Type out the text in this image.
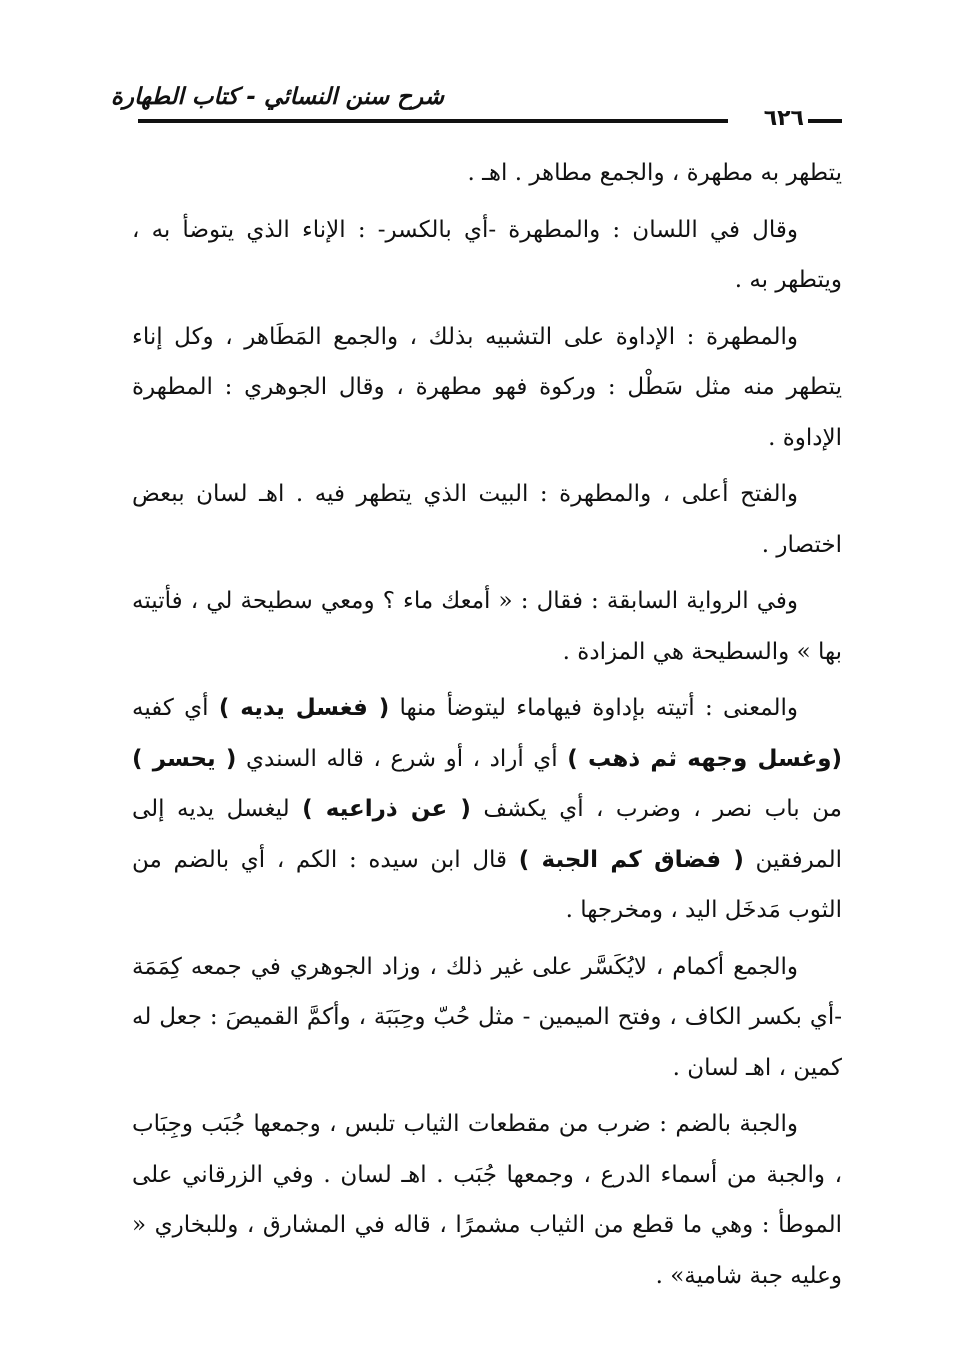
شرح سنن النسائي - كتاب الطهارة
٦٢٦

يتطهر به مطهرة ، والجمع مطاهر . اهـ .

وقال في اللسان : والمطهرة -أي بالكسر- : الإناء الذي يتوضأ به ، ويتطهر به .

والمطهرة : الإداوة على التشبيه بذلك ، والجمع المَطَاهر ، وكل إناء يتطهر منه مثل سَطْل : وركوة فهو مطهرة ، وقال الجوهري : المطهرة الإداوة .

والفتح أعلى ، والمطهرة : البيت الذي يتطهر فيه . اهـ لسان ببعض اختصار .

وفي الرواية السابقة : فقال : « أمعك ماء ؟ ومعي سطيحة لي ، فأتيته بها » والسطيحة هي المزادة .

والمعنى : أتيته بإداوة فيهاماء ليتوضأ منها ( فغسل يديه ) أي كفيه (وغسل وجهه ثم ذهب ) أي أراد ، أو شرع ، قاله السندي ( يحسر ) من باب نصر ، وضرب ، أي يكشف ( عن ذراعيه ) ليغسل يديه إلى المرفقين ( فضاق كم الجبة ) قال ابن سيده : الكم ، أي بالضم من الثوب مَدخَل اليد ، ومخرجها .

والجمع أكمام ، لايُكَسَّر على غير ذلك ، وزاد الجوهري في جمعه كِمَمَة -أي بكسر الكاف ، وفتح الميمين - مثل حُبّ وحِبَبَة ، وأكمَّ القميصَ : جعل له كمين ، اهـ لسان .

والجبة بالضم : ضرب من مقطعات الثياب تلبس ، وجمعها جُبَب وجِبَاب ، والجبة من أسماء الدرع ، وجمعها جُبَب . اهـ لسان . وفي الزرقاني على الموطأ : وهي ما قطع من الثياب مشمرًا ، قاله في المشارق ، وللبخاري « وعليه جبة شامية» .
